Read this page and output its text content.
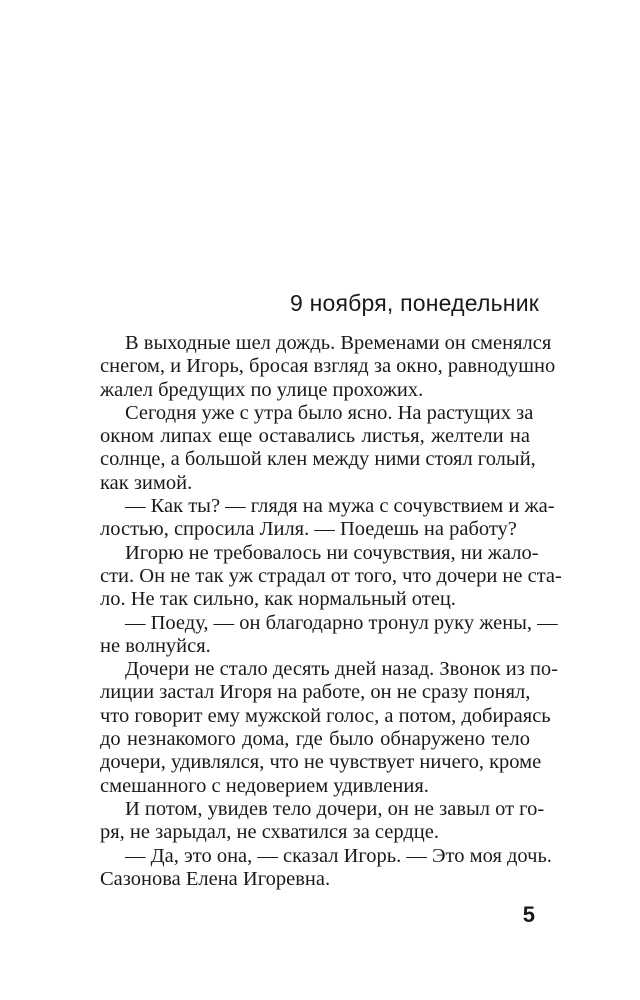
9 ноября, понедельник
В выходные шел дождь. Временами он сменялся
снегом, и Игорь, бросая взгляд за окно, равнодушно
жалел бредущих по улице прохожих.
Сегодня уже с утра было ясно. На растущих за
окном липах еще оставались листья, желтели на
солнце, а большой клен между ними стоял голый,
как зимой.
— Как ты? — глядя на мужа с сочувствием и жа-
лостью, спросила Лиля. — Поедешь на работу?
Игорю не требовалось ни сочувствия, ни жало-
сти. Он не так уж страдал от того, что дочери не ста-
ло. Не так сильно, как нормальный отец.
— Поеду, — он благодарно тронул руку жены, —
не волнуйся.
Дочери не стало десять дней назад. Звонок из по-
лиции застал Игоря на работе, он не сразу понял,
что говорит ему мужской голос, а потом, добираясь
до незнакомого дома, где было обнаружено тело
дочери, удивлялся, что не чувствует ничего, кроме
смешанного с недоверием удивления.
И потом, увидев тело дочери, он не завыл от го-
ря, не зарыдал, не схватился за сердце.
— Да, это она, — сказал Игорь. — Это моя дочь.
Сазонова Елена Игоревна.
5
